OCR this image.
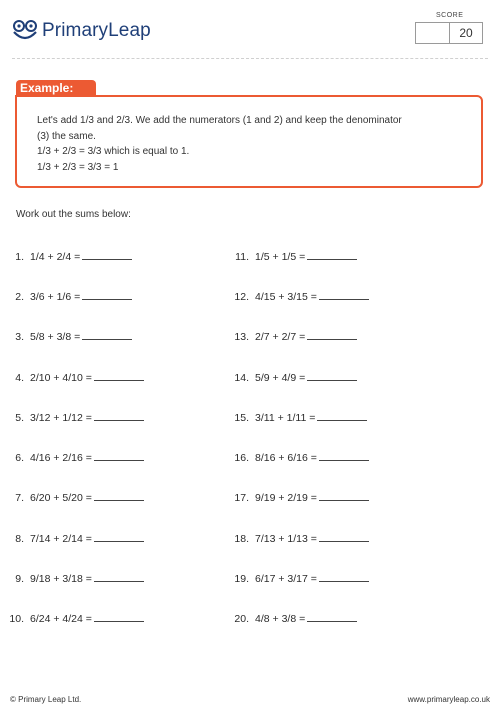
PrimaryLeap
SCORE
20
Example:
Let's add 1/3 and 2/3. We add the numerators (1 and 2) and keep the denominator
(3) the same.
1/3 + 2/3 = 3/3 which is equal to 1.
1/3 + 2/3 = 3/3 = 1
Work out the sums below:
1. 1/4 + 2/4 =
2. 3/6 + 1/6 =
3. 5/8 + 3/8 =
4. 2/10 + 4/10 =
5. 3/12 + 1/12 =
6. 4/16 + 2/16 =
7. 6/20 + 5/20 =
8. 7/14 + 2/14 =
9. 9/18 + 3/18 =
10. 6/24 + 4/24 =
11. 1/5 + 1/5 =
12. 4/15 + 3/15 =
13. 2/7 + 2/7 =
14. 5/9 + 4/9 =
15. 3/11 + 1/11 =
16. 8/16 + 6/16 =
17. 9/19 + 2/19 =
18. 7/13 + 1/13 =
19. 6/17 + 3/17 =
20. 4/8 + 3/8 =
© Primary Leap Ltd.	www.primaryleap.co.uk
